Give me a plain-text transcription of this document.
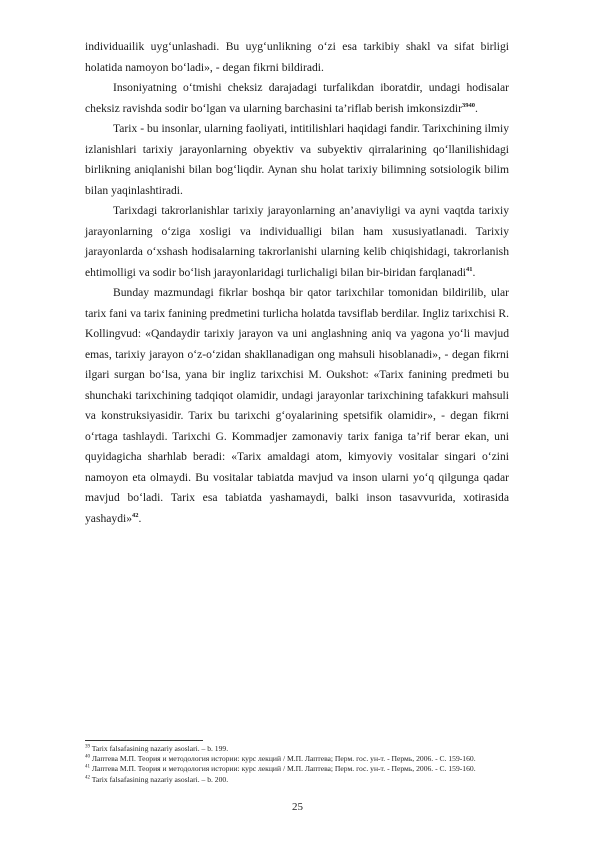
individuailik uyg‘unlashadi. Bu uyg‘unlikning o‘zi esa tarkibiy shakl va sifat birligi holatida namoyon bo‘ladi», - degan fikrni bildiradi.

Insoniyatning o‘tmishi cheksiz darajadagi turfalikdan iboratdir, undagi hodisalar cheksiz ravishda sodir bo‘lgan va ularning barchasini ta’riflab berish imkonsizdir$^{3940}$.

Tarix - bu insonlar, ularning faoliyati, intitilishlari haqidagi fandir. Tarixchining ilmiy izlanishlari tarixiy jarayonlarning obyektiv va subyektiv qirralarining qo‘llanilishidagi birlikning aniqlanishi bilan bog‘liqdir. Aynan shu holat tarixiy bilimning sotsiologik bilim bilan yaqinlashtiradi.

Tarixdagi takrorlanishlar tarixiy jarayonlarning an’anaviyligi va ayni vaqtda tarixiy jarayonlarning o‘ziga xosligi va individualligi bilan ham xususiyatlanadi. Tarixiy jarayonlarda o‘xshash hodisalarning takrorlanishi ularning kelib chiqishidagi, takrorlanish ehtimolligi va sodir bo‘lish jarayonlaridagi turlichaligi bilan bir-biridan farqlanadi$^{41}$.

Bunday mazmundagi fikrlar boshqa bir qator tarixchilar tomonidan bildirilib, ular tarix fani va tarix fanining predmetini turlicha holatda tavsiflab berdilar. Ingliz tarixchisi R. Kollingvud: «Qandaydir tarixiy jarayon va uni anglashning aniq va yagona yo‘li mavjud emas, tarixiy jarayon o‘z-o‘zidan shakllanadigan ong mahsuli hisoblanadi», - degan fikrni ilgari surgan bo‘lsa, yana bir ingliz tarixchisi M. Oukshot: «Tarix fanining predmeti bu shunchaki tarixchining tadqiqot olamidir, undagi jarayonlar tarixchining tafakkuri mahsuli va konstruksiyasidir. Tarix bu tarixchi g‘oyalarining spetsifik olamidir», - degan fikrni o‘rtaga tashlaydi. Tarixchi G. Kommadjer zamonaviy tarix faniga ta’rif berar ekan, uni quyidagicha sharhlab beradi: «Tarix amaldagi atom, kimyoviy vositalar singari o‘zini namoyon eta olmaydi. Bu vositalar tabiatda mavjud va inson ularni yo‘q qilgunga qadar mavjud bo‘ladi. Tarix esa tabiatda yashamaydi, balki inson tasavvurida, xotirasida yashaydi»$^{42}$.

$^{39}$ Tarix falsafasining nazariy asoslari. – b. 199.

$^{40}$ Лаптева М.П. Теория и методология истории: курс лекций / М.П. Лаптева; Перм. гос. ун-т. - Пермь, 2006. - С. 159-160.

$^{41}$ Лаптева М.П. Теория и методология истории: курс лекций / М.П. Лаптева; Перм. гос. ун-т. - Пермь, 2006. - С. 159-160.

$^{42}$ Tarix falsafasining nazariy asoslari. – b. 200.

25
